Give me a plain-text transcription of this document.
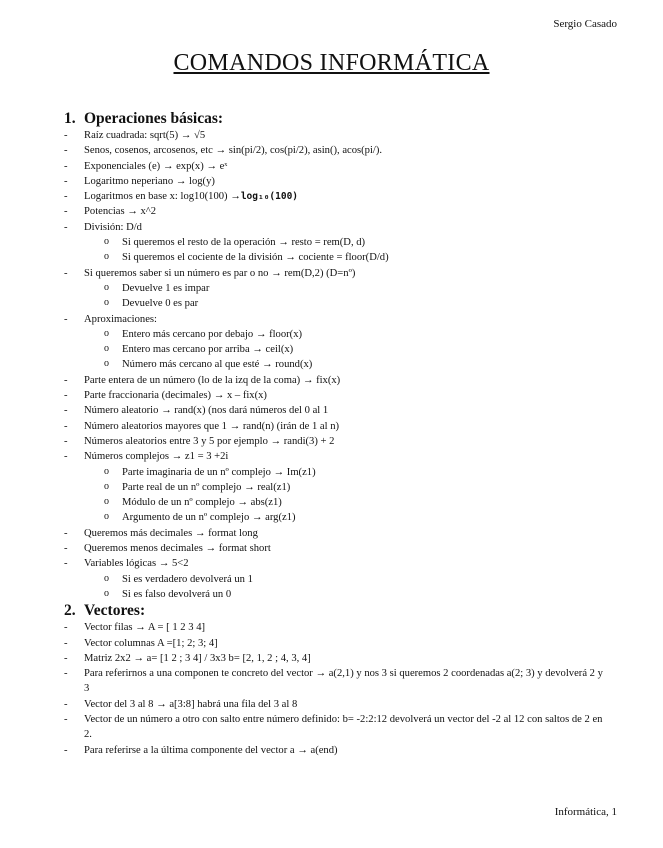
Sergio Casado
COMANDOS INFORMÁTICA
1. Operaciones básicas:
- Raíz cuadrada: sqrt(5) → √5
- Senos, cosenos, arcosenos, etc → sin(pi/2), cos(pi/2), asin(), acos(pi/).
- Exponenciales (e) → exp(x) → eˣ
- Logaritmo neperiano → log(y)
- Logaritmos en base x: log10(100) →log₁₀(100)
- Potencias → x^2
- División: D/d
o Si queremos el resto de la operación → resto = rem(D, d)
o Si queremos el cociente de la división → cociente = floor(D/d)
- Si queremos saber si un número es par o no → rem(D,2) (D=nº)
o Devuelve 1 es impar
o Devuelve 0 es par
- Aproximaciones:
o Entero más cercano por debajo → floor(x)
o Entero mas cercano por arriba → ceil(x)
o Número más cercano al que esté → round(x)
- Parte entera de un número (lo de la izq de la coma) → fix(x)
- Parte fraccionaria (decimales) → x – fix(x)
- Número aleatorio → rand(x) (nos dará números del 0 al 1
- Número aleatorios mayores que 1 → rand(n) (irán de 1 al n)
- Números aleatorios entre 3 y 5 por ejemplo → randi(3) + 2
- Números complejos → z1 = 3 +2i
o Parte imaginaria de un nº complejo → Im(z1)
o Parte real de un nº complejo → real(z1)
o Módulo de un nº complejo → abs(z1)
o Argumento de un nº complejo → arg(z1)
- Queremos más decimales → format long
- Queremos menos decimales → format short
- Variables lógicas → 5<2
o Si es verdadero devolverá un 1
o Si es falso devolverá un 0
2. Vectores:
- Vector filas → A = [ 1 2 3 4]
- Vector columnas A =[1; 2; 3; 4]
- Matriz 2x2 → a= [1 2 ; 3 4] / 3x3 b= [2, 1, 2 ; 4, 3, 4]
- Para referirnos a una componen te concreto del vector → a(2,1) y nos 3 si queremos 2 coordenadas a(2; 3) y devolverá 2 y 3
- Vector del 3 al 8 → a[3:8] habrá una fila del 3 al 8
- Vector de un número a otro con salto entre número definido: b= -2:2:12 devolverá un vector del -2 al 12 con saltos de 2 en 2.
- Para referirse a la última componente del vector a → a(end)
Informática, 1
